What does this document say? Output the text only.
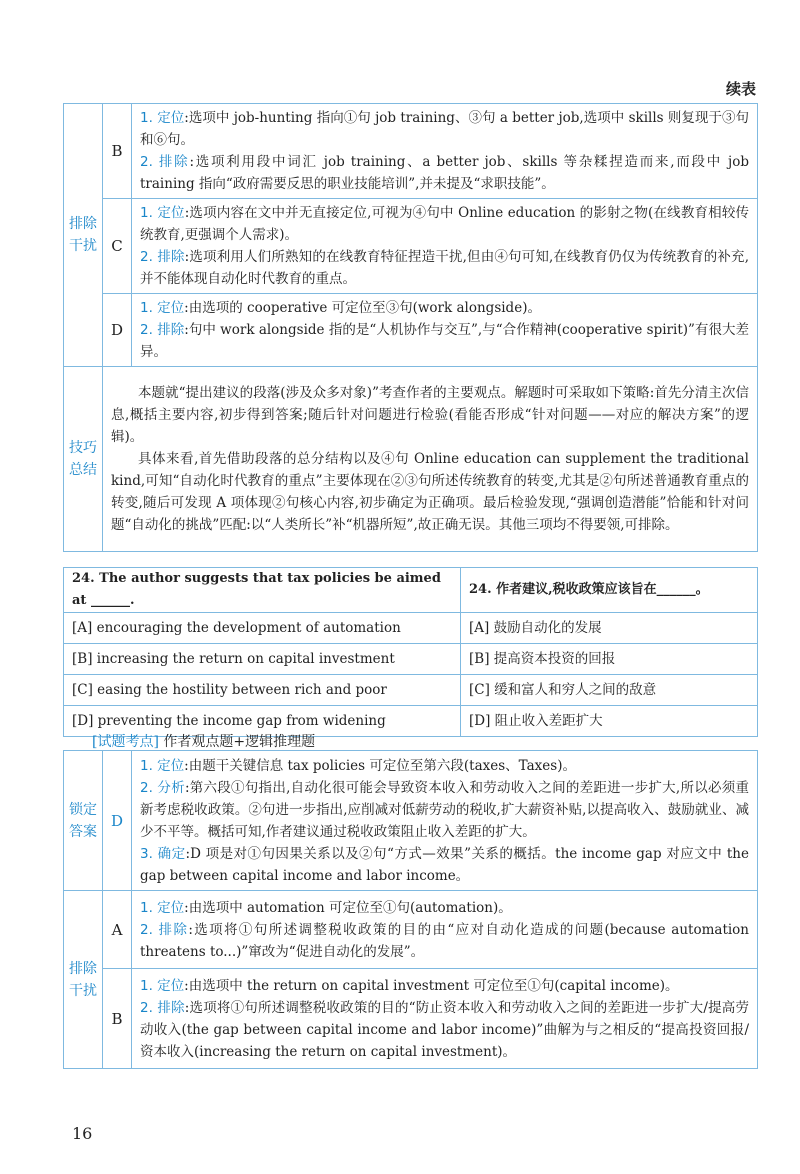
续表
排除干扰	B	1. 定位:选项中 job-hunting 指向①句 job training、③句 a better job,选项中 skills 则复现于③句和⑥句。
2. 排除:选项利用段中词汇 job training、a better job、skills 等杂糅捏造而来,而段中 job training 指向“政府需要反思的职业技能培训”,并未提及“求职技能”。

	C	1. 定位:选项内容在文中并无直接定位,可视为④句中 Online education 的影射之物(在线教育相较传统教育,更强调个人需求)。
2. 排除:选项利用人们所熟知的在线教育特征捏造干扰,但由④句可知,在线教育仍仅为传统教育的补充,并不能体现自动化时代教育的重点。

	D	1. 定位:由选项的 cooperative 可定位至③句(work alongside)。
2. 排除:句中 work alongside 指的是“人机协作与交互”,与“合作精神(cooperative spirit)”有很大差异。

技巧总结	本题就“提出建议的段落(涉及众多对象)”考查作者的主要观点。解题时可采取如下策略:首先分清主次信息,概括主要内容,初步得到答案;随后针对问题进行检验(看能否形成“针对问题——对应的解决方案”的逻辑)。
具体来看,首先借助段落的总分结构以及④句 Online education can supplement the traditional kind,可知“自动化时代教育的重点”主要体现在②③句所述传统教育的转变,尤其是②句所述普通教育重点的转变,随后可发现 A 项体现②句核心内容,初步确定为正确项。最后检验发现,“强调创造潜能”恰能和针对问题“自动化的挑战”匹配:以“人类所长”补“机器所短”,故正确无误。其他三项均不得要领,可排除。	
24. The author suggests that tax policies be aimed at ______.	24. 作者建议,税收政策应该旨在______。
[A] encouraging the development of automation	[A] 鼓励自动化的发展
[B] increasing the return on capital investment	[B] 提高资本投资的回报
[C] easing the hostility between rich and poor	[C] 缓和富人和穷人之间的敌意
[D] preventing the income gap from widening	[D] 阻止收入差距扩大
[试题考点] 作者观点题+逻辑推理题
锁定答案	D	1. 定位:由题干关键信息 tax policies 可定位至第六段(taxes、Taxes)。
2. 分析:第六段①句指出,自动化很可能会导致资本收入和劳动收入之间的差距进一步扩大,所以必须重新考虑税收政策。②句进一步指出,应削减对低薪劳动的税收,扩大薪资补贴,以提高收入、鼓励就业、减少不平等。概括可知,作者建议通过税收政策阻止收入差距的扩大。
3. 确定:D 项是对①句因果关系以及②句“方式—效果”关系的概括。the income gap 对应文中 the gap between capital income and labor income。

排除干扰	A	1. 定位:由选项中 automation 可定位至①句(automation)。
2. 排除:选项将①句所述调整税收政策的目的由“应对自动化造成的问题(because automation threatens to...)”窜改为“促进自动化的发展”。

	B	1. 定位:由选项中 the return on capital investment 可定位至①句(capital income)。
2. 排除:选项将①句所述调整税收政策的目的“防止资本收入和劳动收入之间的差距进一步扩大/提高劳动收入(the gap between capital income and labor income)”曲解为与之相反的“提高投资回报/资本收入(increasing the return on capital investment)。
16
